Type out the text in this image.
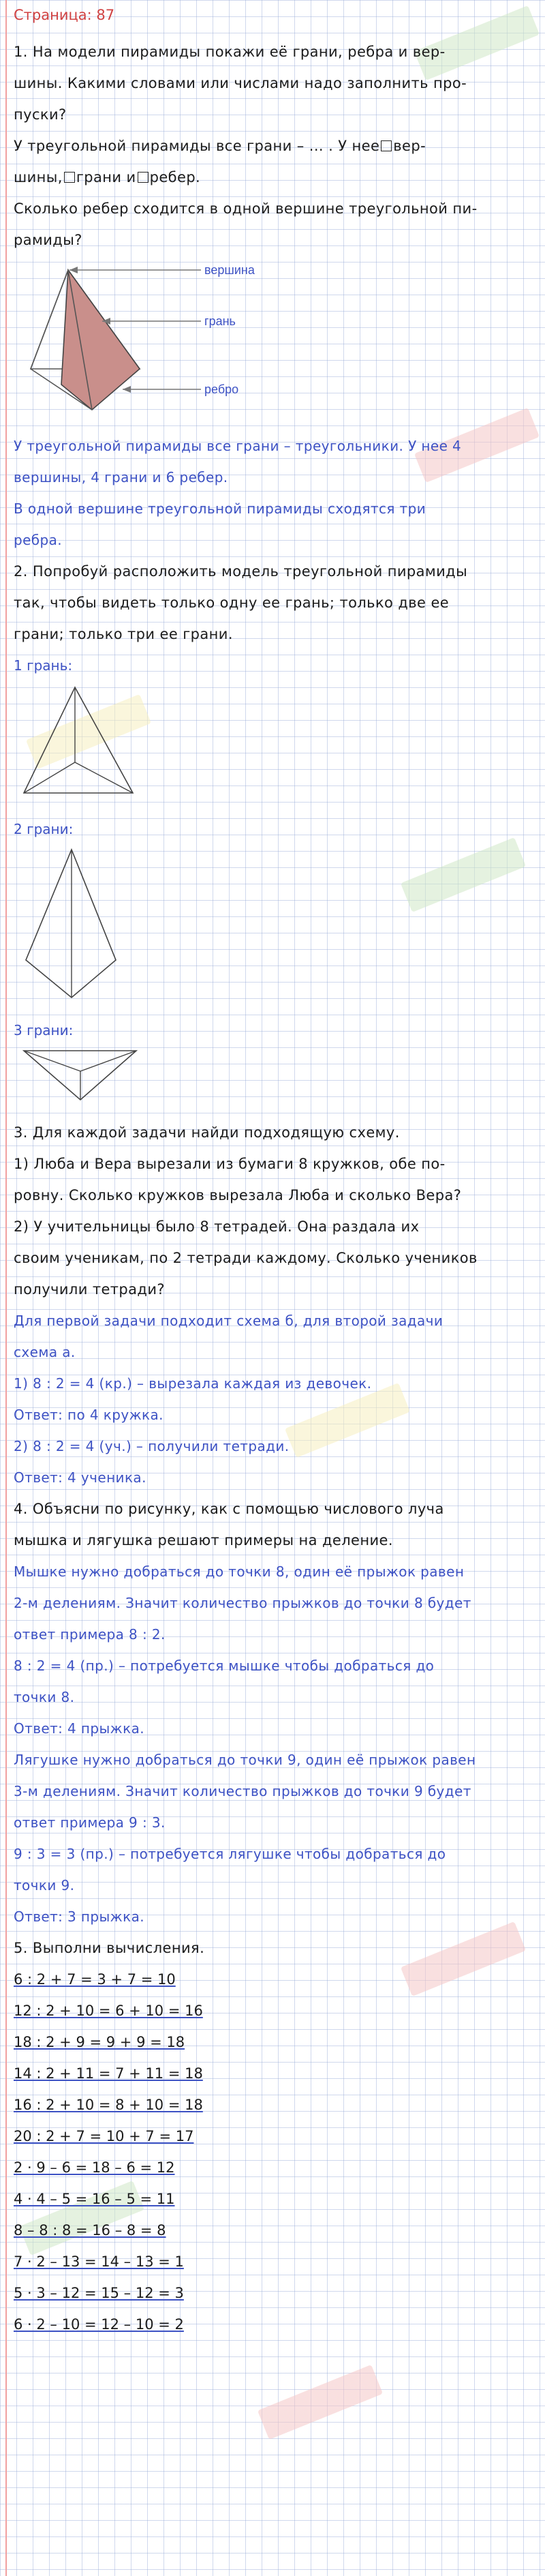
Страница: 87
1. На модели пирамиды покажи её грани, ребра и вер-
шины. Какими словами или числами надо заполнить про-
пуски?
У треугольной пирамиды все грани – ... . У нее вер-
шины, грани и ребер.
Сколько ребер сходится в одной вершине треугольной пи-
рамиды?
вершина
грань
ребро
У треугольной пирамиды все грани – треугольники. У нее 4
вершины, 4 грани и 6 ребер.
В одной вершине треугольной пирамиды сходятся три
ребра.
2. Попробуй расположить модель треугольной пирамиды
так, чтобы видеть только одну ее грань; только две ее
грани; только три ее грани.
1 грань:
2 грани:
3 грани:
3. Для каждой задачи найди подходящую схему.
1) Люба и Вера вырезали из бумаги 8 кружков, обе по-
ровну. Сколько кружков вырезала Люба и сколько Вера?
2) У учительницы было 8 тетрадей. Она раздала их
своим ученикам, по 2 тетради каждому. Сколько учеников
получили тетради?
Для первой задачи подходит схема б, для второй задачи
схема а.
1) 8 : 2 = 4 (кр.) – вырезала каждая из девочек.
Ответ: по 4 кружка.
2) 8 : 2 = 4 (уч.) – получили тетради.
Ответ: 4 ученика.
4. Объясни по рисунку, как с помощью числового луча
мышка и лягушка решают примеры на деление.
Мышке нужно добраться до точки 8, один её прыжок равен
2-м делениям. Значит количество прыжков до точки 8 будет
ответ примера 8 : 2.
8 : 2 = 4 (пр.) – потребуется мышке чтобы добраться до
точки 8.
Ответ: 4 прыжка.
Лягушке нужно добраться до точки 9, один её прыжок равен
3-м делениям. Значит количество прыжков до точки 9 будет
ответ примера 9 : 3.
9 : 3 = 3 (пр.) – потребуется лягушке чтобы добраться до
точки 9.
Ответ: 3 прыжка.
5. Выполни вычисления.
6 : 2 + 7 = 3 + 7 = 10
12 : 2 + 10 = 6 + 10 = 16
18 : 2 + 9 = 9 + 9 = 18
14 : 2 + 11 = 7 + 11 = 18
16 : 2 + 10 = 8 + 10 = 18
20 : 2 + 7 = 10 + 7 = 17
2 · 9 – 6 = 18 – 6 = 12
4 · 4 – 5 = 16 – 5 = 11
8 – 8 : 8 = 16 – 8 = 8
7 · 2 – 13 = 14 – 13 = 1
5 · 3 – 12 = 15 – 12 = 3
6 · 2 – 10 = 12 – 10 = 2
